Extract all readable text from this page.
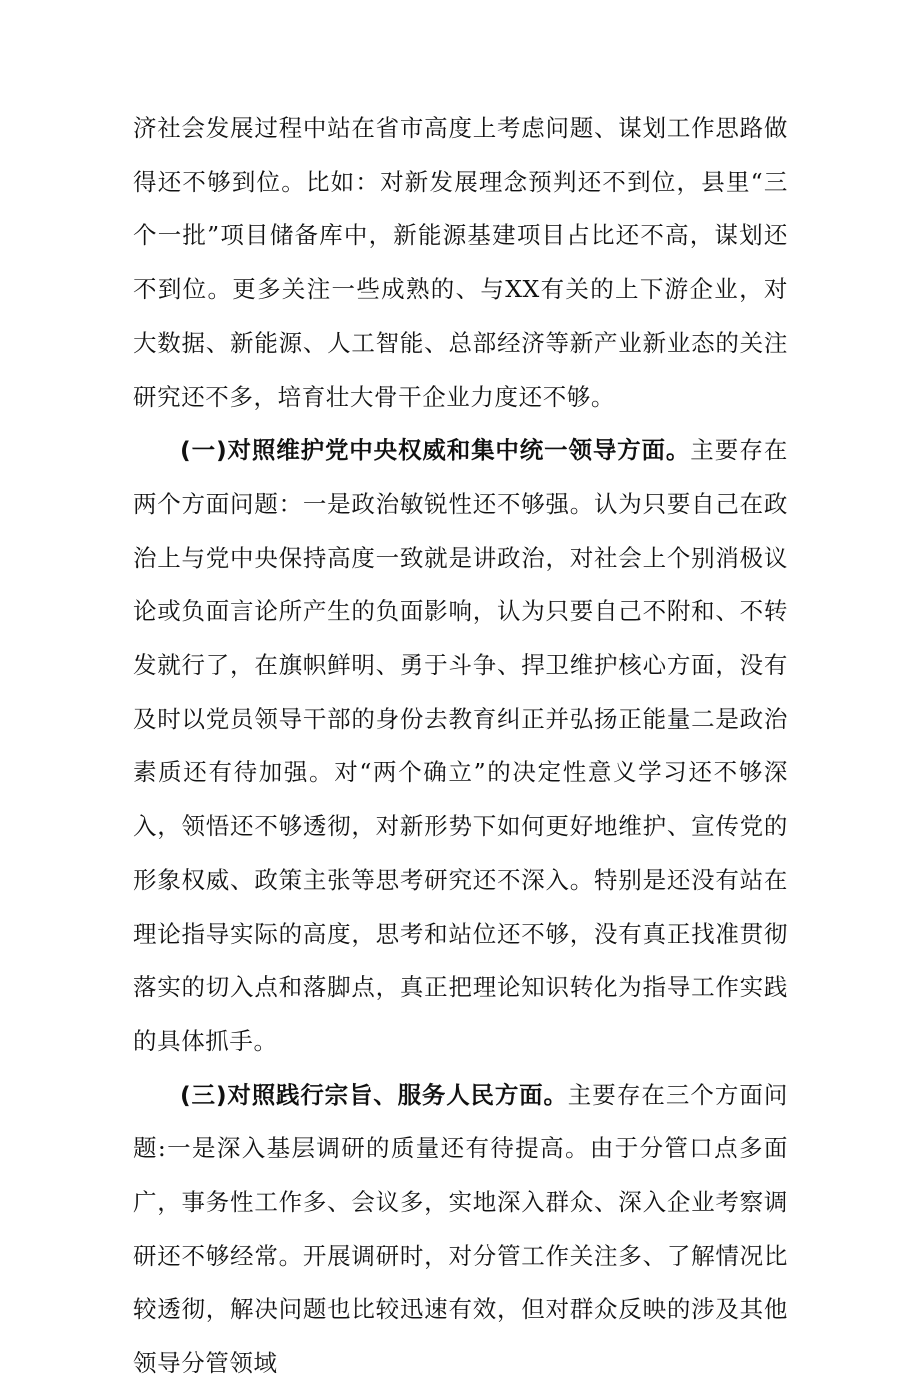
济社会发展过程中站在省市高度上考虑问题、谋划工作思路做得还不够到位。比如：对新发展理念预判还不到位，县里“三个一批”项目储备库中，新能源基建项目占比还不高，谋划还不到位。更多关注一些成熟的、与XX有关的上下游企业，对大数据、新能源、人工智能、总部经济等新产业新业态的关注研究还不多，培育壮大骨干企业力度还不够。

(一)对照维护党中央权威和集中统一领导方面。主要存在两个方面问题：一是政治敏锐性还不够强。认为只要自己在政治上与党中央保持高度一致就是讲政治，对社会上个别消极议论或负面言论所产生的负面影响，认为只要自己不附和、不转发就行了，在旗帜鲜明、勇于斗争、捍卫维护核心方面，没有及时以党员领导干部的身份去教育纠正并弘扬正能量二是政治素质还有待加强。对“两个确立”的决定性意义学习还不够深入，领悟还不够透彻，对新形势下如何更好地维护、宣传党的形象权威、政策主张等思考研究还不深入。特别是还没有站在理论指导实际的高度，思考和站位还不够，没有真正找准贯彻落实的切入点和落脚点，真正把理论知识转化为指导工作实践的具体抓手。

(三)对照践行宗旨、服务人民方面。主要存在三个方面问题:一是深入基层调研的质量还有待提高。由于分管口点多面广，事务性工作多、会议多，实地深入群众、深入企业考察调研还不够经常。开展调研时，对分管工作关注多、了解情况比较透彻，解决问题也比较迅速有效，但对群众反映的涉及其他领导分管领域
